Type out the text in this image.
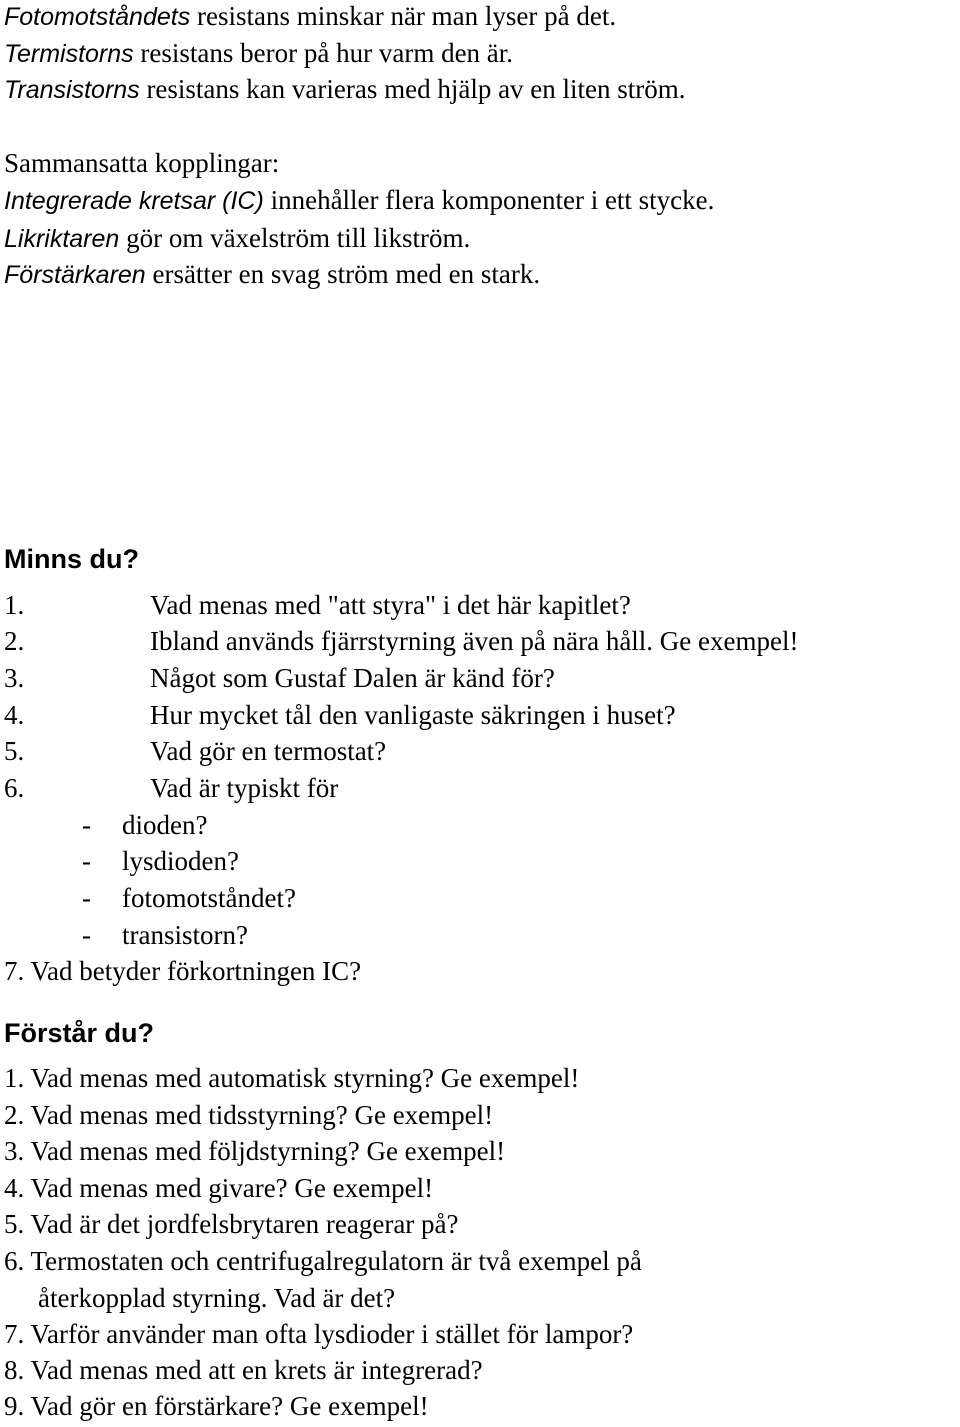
Fotomotståndets resistans minskar när man lyser på det.
Termistorns resistans beror på hur varm den är.
Transistorns resistans kan varieras med hjälp av en liten ström.
Sammansatta kopplingar:
Integrerade kretsar (IC) innehåller flera komponenter i ett stycke.
Likriktaren gör om växelström till likström.
Förstärkaren ersätter en svag ström med en stark.
Minns du?
1.	Vad menas med "att styra" i det här kapitlet?
2.	Ibland används fjärrstyrning även på nära håll. Ge exempel!
3.	Något som Gustaf Dalen är känd för?
4.	Hur mycket tål den vanligaste säkringen i huset?
5.	Vad gör en termostat?
6.	Vad är typiskt för
- dioden?
- lysdioden?
- fotomotståndet?
- transistorn?
7. Vad betyder förkortningen IC?
Förstår du?
1. Vad menas med automatisk styrning? Ge exempel!
2. Vad menas med tidsstyrning? Ge exempel!
3. Vad menas med följdstyrning? Ge exempel!
4. Vad menas med givare? Ge exempel!
5. Vad är det jordfelsbrytaren reagerar på?
6. Termostaten och centrifugalregulatorn är två exempel på
återkopplad styrning. Vad är det?
7. Varför använder man ofta lysdioder i stället för lampor?
8. Vad menas med att en krets är integrerad?
9. Vad gör en förstärkare? Ge exempel!
